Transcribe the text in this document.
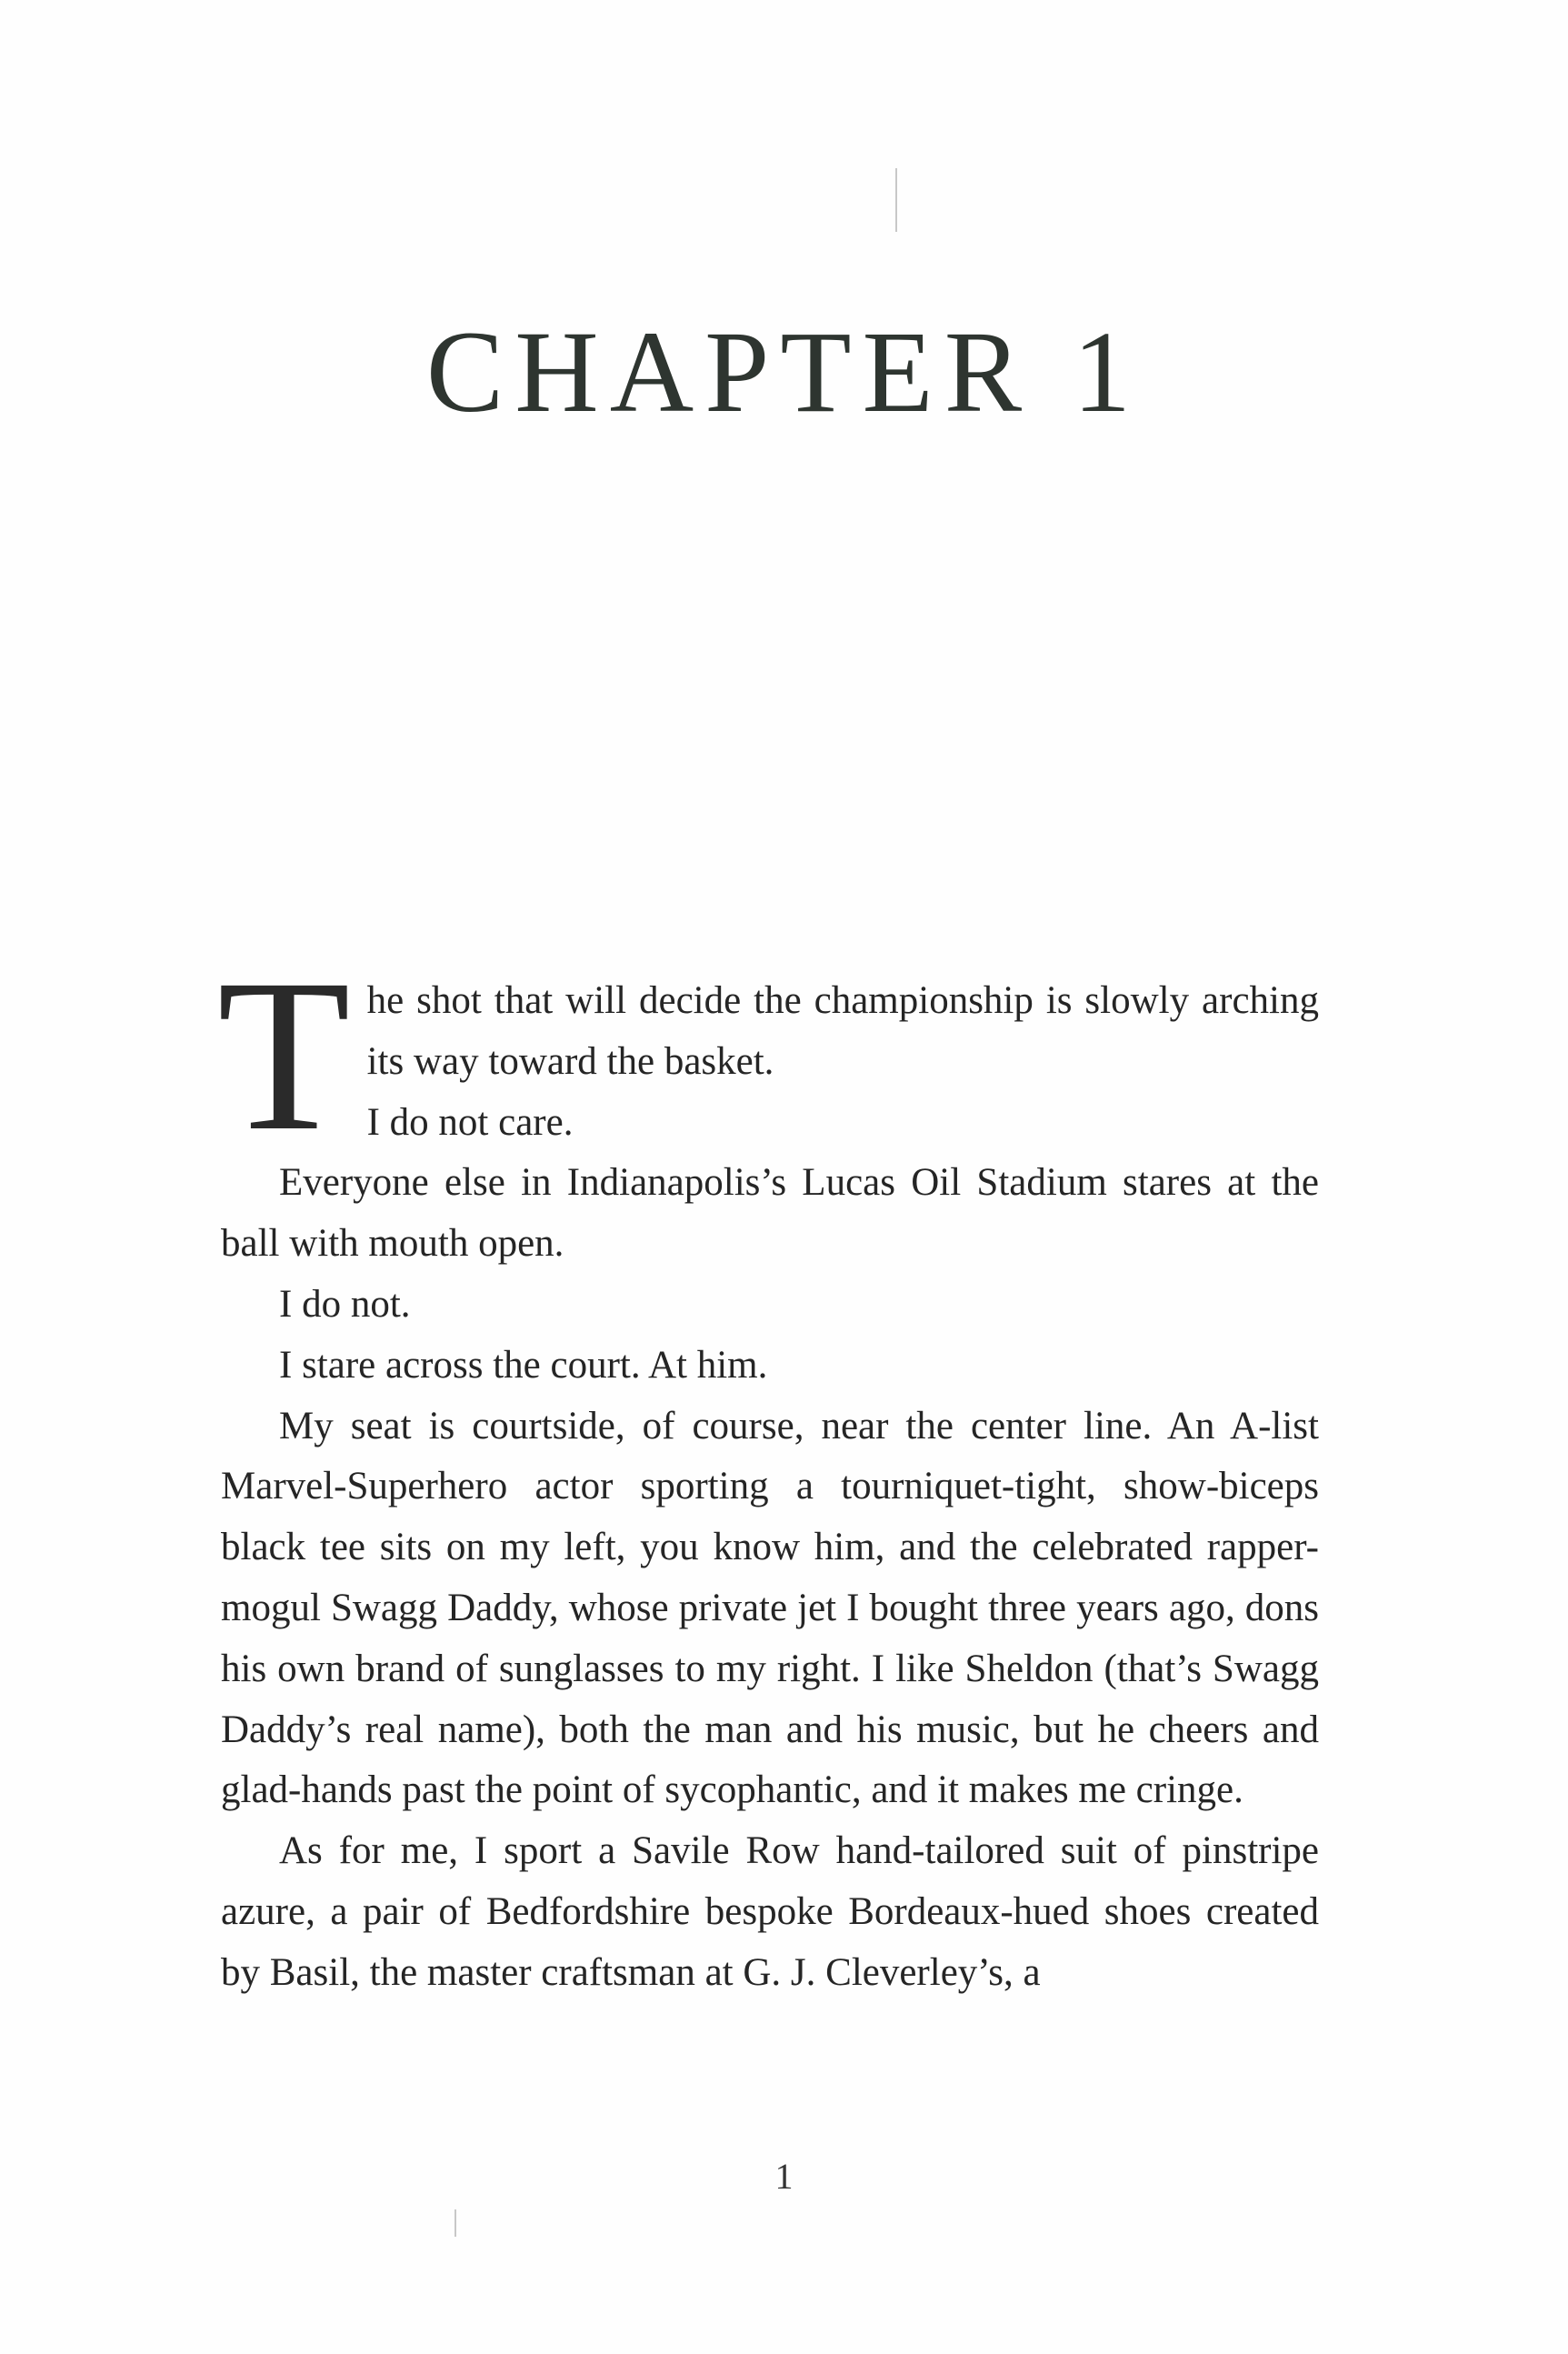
CHAPTER 1
T he shot that will decide the championship is slowly arching its way toward the basket.
I do not care.

Everyone else in Indianapolis’s Lucas Oil Stadium stares at the ball with mouth open.

I do not.

I stare across the court. At him.

My seat is courtside, of course, near the center line. An A-list Marvel-Superhero actor sporting a tourniquet-tight, show-biceps black tee sits on my left, you know him, and the celebrated rapper-mogul Swagg Daddy, whose private jet I bought three years ago, dons his own brand of sunglasses to my right. I like Sheldon (that’s Swagg Daddy’s real name), both the man and his music, but he cheers and glad-hands past the point of sycophantic, and it makes me cringe.

As for me, I sport a Savile Row hand-tailored suit of pinstripe azure, a pair of Bedfordshire bespoke Bordeaux-hued shoes created by Basil, the master craftsman at G. J. Cleverley’s, a

1
